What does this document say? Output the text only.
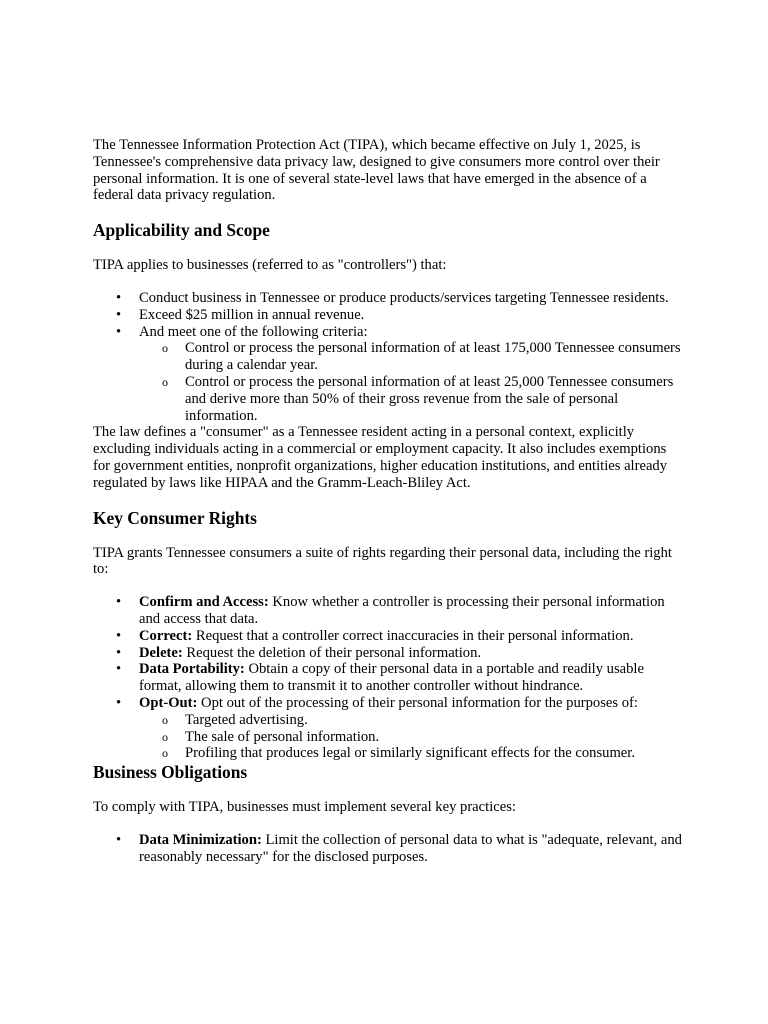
The Tennessee Information Protection Act (TIPA), which became effective on July 1, 2025, is Tennessee's comprehensive data privacy law, designed to give consumers more control over their personal information. It is one of several state-level laws that have emerged in the absence of a federal data privacy regulation.

Applicability and Scope

TIPA applies to businesses (referred to as "controllers") that:

• Conduct business in Tennessee or produce products/services targeting Tennessee residents.
• Exceed $25 million in annual revenue.
• And meet one of the following criteria:
o Control or process the personal information of at least 175,000 Tennessee consumers during a calendar year.
o Control or process the personal information of at least 25,000 Tennessee consumers and derive more than 50% of their gross revenue from the sale of personal information.

The law defines a "consumer" as a Tennessee resident acting in a personal context, explicitly excluding individuals acting in a commercial or employment capacity. It also includes exemptions for government entities, nonprofit organizations, higher education institutions, and entities already regulated by laws like HIPAA and the Gramm-Leach-Bliley Act.

Key Consumer Rights

TIPA grants Tennessee consumers a suite of rights regarding their personal data, including the right to:

• Confirm and Access: Know whether a controller is processing their personal information and access that data.
• Correct: Request that a controller correct inaccuracies in their personal information.
• Delete: Request the deletion of their personal information.
• Data Portability: Obtain a copy of their personal data in a portable and readily usable format, allowing them to transmit it to another controller without hindrance.
• Opt-Out: Opt out of the processing of their personal information for the purposes of:
o Targeted advertising.
o The sale of personal information.
o Profiling that produces legal or similarly significant effects for the consumer.
Business Obligations

To comply with TIPA, businesses must implement several key practices:

• Data Minimization: Limit the collection of personal data to what is "adequate, relevant, and reasonably necessary" for the disclosed purposes.
